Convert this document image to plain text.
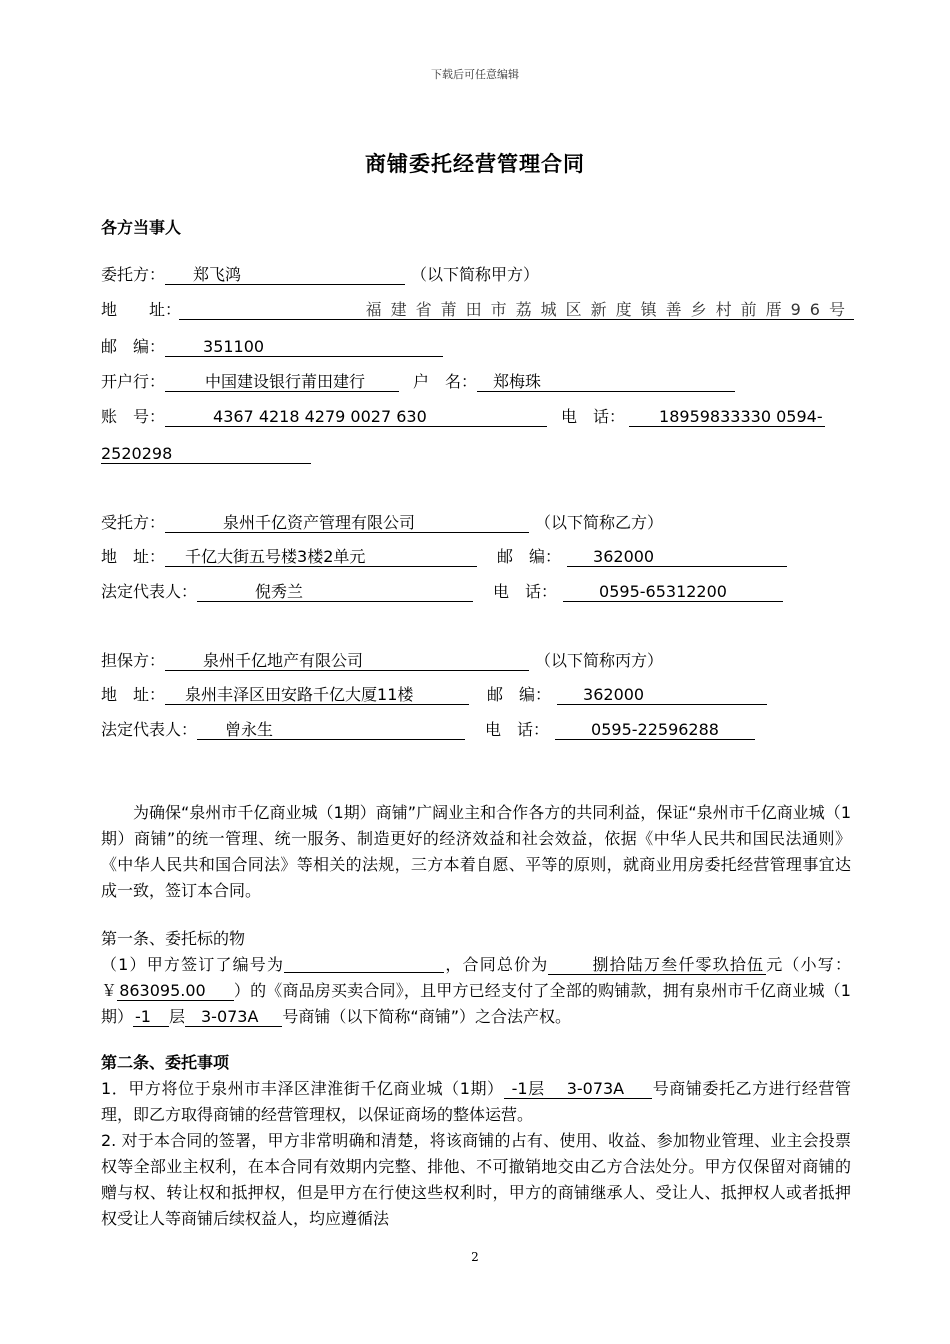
下载后可任意编辑
商铺委托经营管理合同
各方当事人
委托方： 郑飞鸿	（以下简称甲方）
地　　址：	福建省莆田市荔城区新度镇善乡村前厝96号
邮　编： 351100
开户行：	中国建设银行莆田建行	户　名： 郑梅珠
账　号：	4367 4218 4279 0027 630	电　话： 18959833330 0594-
2520298
受托方：	泉州千亿资产管理有限公司	（以下简称乙方）
地　址： 千亿大街五号楼3楼2单元	邮　编： 362000
法定代表人：	倪秀兰	电　话：	0595-65312200
担保方： 泉州千亿地产有限公司	（以下简称丙方）
地　址： 泉州丰泽区田安路千亿大厦11楼	邮　编： 362000
法定代表人： 曾永生	电　话：	0595-22596288

为确保“泉州市千亿商业城（1期）商铺”广阔业主和合作各方的共同利益，保证“泉州市千亿商业城（1期）商铺”的统一管理、统一服务、制造更好的经济效益和社会效益，依据《中华人民共和国民法通则》《中华人民共和国合同法》等相关的法规，三方本着自愿、平等的原则，就商业用房委托经营管理事宜达成一致，签订本合同。

第一条、委托标的物

（1）甲方签订了编号为	，合同总价为	捌拾陆万叁仟零玖拾伍 元（小写：￥ 863095.00 ）的《商品房买卖合同》，且甲方已经支付了全部的购铺款，拥有泉州市千亿商业城（1期） -1 层 3-073A 号商铺（以下简称“商铺”）之合法产权。

第二条、委托事项

1．甲方将位于泉州市丰泽区津淮街千亿商业城（1期） -1层 3-073A 号商铺委托乙方进行经营管理，即乙方取得商铺的经营管理权，以保证商场的整体运营。

2. 对于本合同的签署，甲方非常明确和清楚，将该商铺的占有、使用、收益、参加物业管理、业主会投票权等全部业主权利，在本合同有效期内完整、排他、不可撤销地交由乙方合法处分。甲方仅保留对商铺的赠与权、转让权和抵押权，但是甲方在行使这些权利时，甲方的商铺继承人、受让人、抵押权人或者抵押权受让人等商铺后续权益人，均应遵循法

2
